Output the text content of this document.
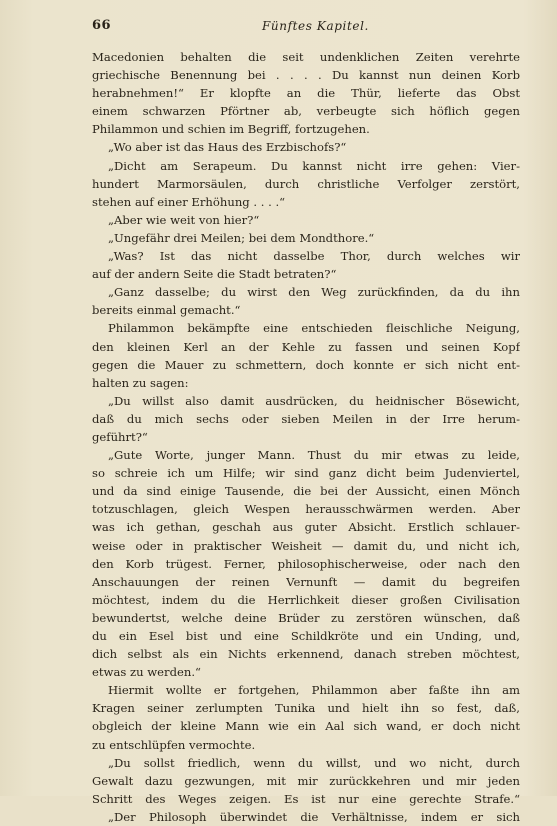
66	Fünftes Kapitel.
Macedonien behalten die seit undenklichen Zeiten verehrte
griechische Benennung bei . . . . Du kannst nun deinen Korb
herabnehmen!“ Er klopfte an die Thür, lieferte das Obst
einem schwarzen Pförtner ab, verbeugte sich höflich gegen
Philammon und schien im Begriff, fortzugehen.
„Wo aber ist das Haus des Erzbischofs?“
„Dicht am Serapeum. Du kannst nicht irre gehen: Vier-
hundert Marmorsäulen, durch christliche Verfolger zerstört,
stehen auf einer Erhöhung . . . .“
„Aber wie weit von hier?“
„Ungefähr drei Meilen; bei dem Mondthore.“
„Was? Ist das nicht dasselbe Thor, durch welches wir
auf der andern Seite die Stadt betraten?“
„Ganz dasselbe; du wirst den Weg zurückfinden, da du ihn
bereits einmal gemacht.“
Philammon bekämpfte eine entschieden fleischliche Neigung,
den kleinen Kerl an der Kehle zu fassen und seinen Kopf
gegen die Mauer zu schmettern, doch konnte er sich nicht ent-
halten zu sagen:
„Du willst also damit ausdrücken, du heidnischer Bösewicht,
daß du mich sechs oder sieben Meilen in der Irre herum-
geführt?“
„Gute Worte, junger Mann. Thust du mir etwas zu leide,
so schreie ich um Hilfe; wir sind ganz dicht beim Judenviertel,
und da sind einige Tausende, die bei der Aussicht, einen Mönch
totzuschlagen, gleich Wespen herausschwärmen werden. Aber
was ich gethan, geschah aus guter Absicht. Erstlich schlauer-
weise oder in praktischer Weisheit — damit du, und nicht ich,
den Korb trügest. Ferner, philosophischerweise, oder nach den
Anschauungen der reinen Vernunft — damit du begreifen
möchtest, indem du die Herrlichkeit dieser großen Civilisation
bewundertst, welche deine Brüder zu zerstören wünschen, daß
du ein Esel bist und eine Schildkröte und ein Unding, und,
dich selbst als ein Nichts erkennend, danach streben möchtest,
etwas zu werden.“
Hiermit wollte er fortgehen, Philammon aber faßte ihn am
Kragen seiner zerlumpten Tunika und hielt ihn so fest, daß,
obgleich der kleine Mann wie ein Aal sich wand, er doch nicht
zu entschlüpfen vermochte.
„Du sollst friedlich, wenn du willst, und wo nicht, durch
Gewalt dazu gezwungen, mit mir zurückkehren und mir jeden
Schritt des Weges zeigen. Es ist nur eine gerechte Strafe.“
„Der Philosoph überwindet die Verhältnisse, indem er sich
